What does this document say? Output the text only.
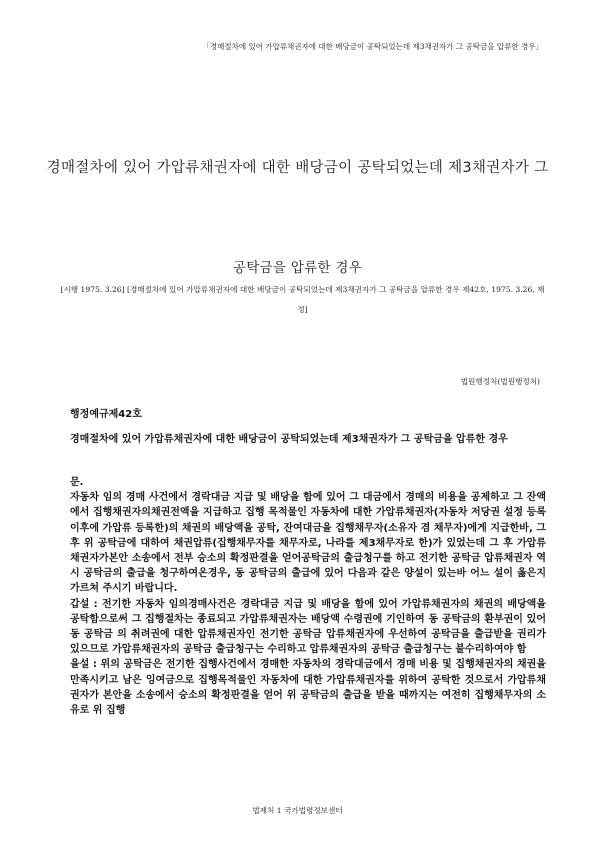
「경매절차에 있어 가압류채권자에 대한 배당금이 공탁되었는데 제3채권자가 그 공탁금을 압류한 경우」
경매절차에 있어 가압류채권자에 대한 배당금이 공탁되었는데 제3채권자가 그
공탁금을 압류한 경우
[시행 1975. 3.26] [경매절차에 있어 가압류채권자에 대한 배당금이 공탁되었는데 제3채권자가 그 공탁금을 압류한 경우 제42호, 1975. 3.26, 제정]
법원행정처(법원행정처)
행정예규제42호
경매절차에 있어 가압류채권자에 대한 배당금이 공탁되었는데 제3채권자가 그 공탁금을 압류한 경우

문.

자동차 임의 경매 사건에서 경락대금 지급 및 배당을 함에 있어 그 대금에서 경매의 비용을 공제하고 그 잔액에서 집행채권자의채권전액을 지급하고 집행 목적물인 자동차에 대한 가압류채권자(자동차 저당권 설정 등록 이후에 가압류 등록한)의 채권의 배당액을 공탁, 잔여대금을 집행채무자(소유자 겸 채무자)에게 지급한바, 그 후 위 공탁금에 대하여 채권압류(집행채무자를 채무자로, 나라를 제3채무자로 한)가 있었는데 그 후 가압류채권자가본안 소송에서 전부 승소의 확정판결을 얻어공탁금의 출급청구를 하고 전기한 공탁금 압류채권자 역시 공탁금의 출급을 청구하여온경우, 동 공탁금의 출급에 있어 다음과 같은 양설이 있는바 어느 설이 옳은지 가르쳐 주시기 바랍니다.

갑설 : 전기한 자동차 임의경매사건은 경락대금 지급 및 배당을 함에 있어 가압류채권자의 채권의 배당액을 공탁함으로써 그 집행절차는 종료되고 가압류채권자는 배당액 수령권에 기인하여 동 공탁금의 환부권이 있어 동 공탁금 의 취려권에 대한 압류채권자인 전기한 공탁금 압류채권자에 우선하여 공탁금을 출급받을 권리가 있으므로 가압류채권자의 공탁금 출급청구는 수리하고 압류채권자의 공탁금 출급청구는 불수리하여야 함

을설 : 위의 공탁금은 전기한 집행사건에서 경매한 자동차의 경락대금에서 경매 비용 및 집행채권자의 채권을 만족시키고 남은 잉여금으로 집행목적물인 자동차에 대한 가압류채권자를 위하여 공탁한 것으로서 가압류채권자가 본안을 소송에서 승소의 확정판결을 얻어 위 공탁금의 출급을 받을 때까지는 여전히 집행채무자의 소유로 위 집행

법제처 1 국가법령정보센터
